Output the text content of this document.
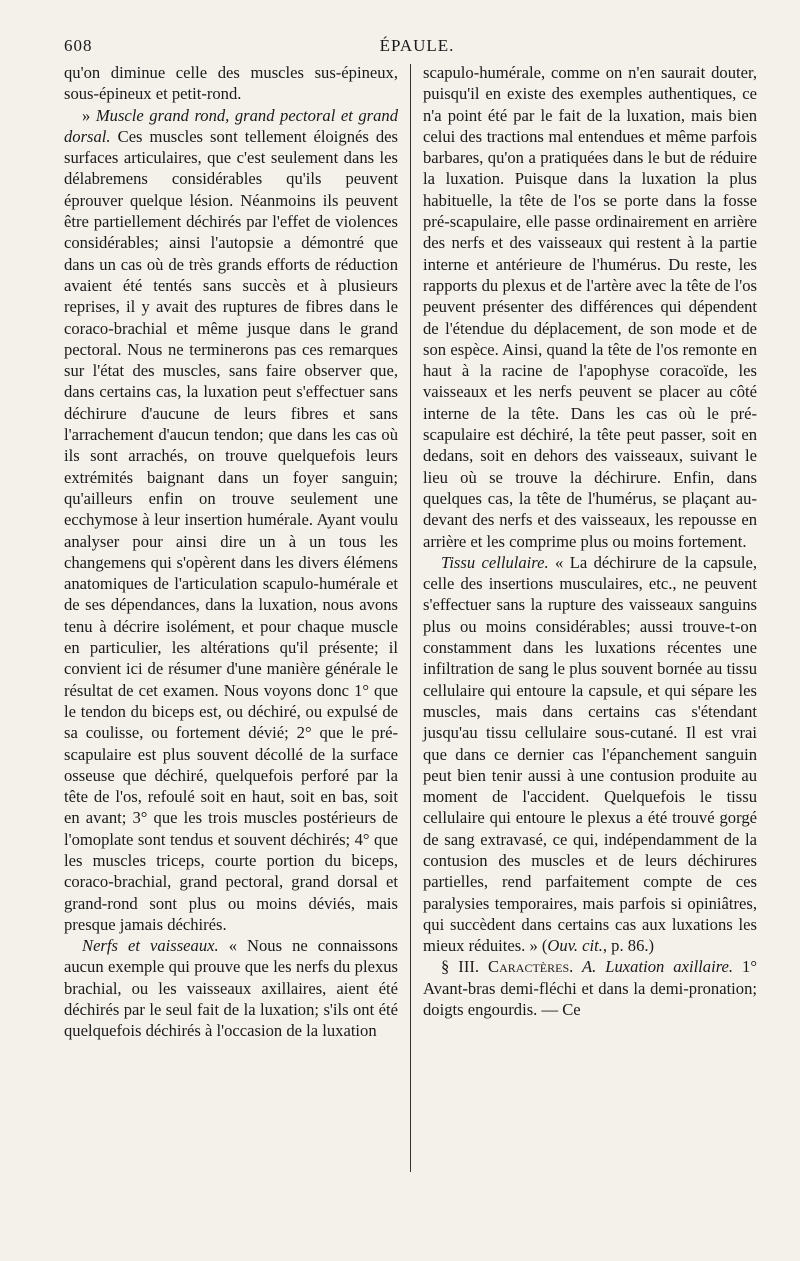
608	ÉPAULE.

qu'on diminue celle des muscles sus-épineux, sous-épineux et petit-rond.

» Muscle grand rond, grand pectoral et grand dorsal. Ces muscles sont tellement éloignés des surfaces articulaires, que c'est seulement dans les délabremens considérables qu'ils peuvent éprouver quelque lésion. Néanmoins ils peuvent être partiellement déchirés par l'effet de violences considérables; ainsi l'autopsie a démontré que dans un cas où de très grands efforts de réduction avaient été tentés sans succès et à plusieurs reprises, il y avait des ruptures de fibres dans le coraco-brachial et même jusque dans le grand pectoral. Nous ne terminerons pas ces remarques sur l'état des muscles, sans faire observer que, dans certains cas, la luxation peut s'effectuer sans déchirure d'aucune de leurs fibres et sans l'arrachement d'aucun tendon; que dans les cas où ils sont arrachés, on trouve quelquefois leurs extrémités baignant dans un foyer sanguin; qu'ailleurs enfin on trouve seulement une ecchymose à leur insertion humérale. Ayant voulu analyser pour ainsi dire un à un tous les changemens qui s'opèrent dans les divers élémens anatomiques de l'articulation scapulo-humérale et de ses dépendances, dans la luxation, nous avons tenu à décrire isolément, et pour chaque muscle en particulier, les altérations qu'il présente; il convient ici de résumer d'une manière générale le résultat de cet examen. Nous voyons donc 1° que le tendon du biceps est, ou déchiré, ou expulsé de sa coulisse, ou fortement dévié; 2° que le pré-scapulaire est plus souvent décollé de la surface osseuse que déchiré, quelquefois perforé par la tête de l'os, refoulé soit en haut, soit en bas, soit en avant; 3° que les trois muscles postérieurs de l'omoplate sont tendus et souvent déchirés; 4° que les muscles triceps, courte portion du biceps, coraco-brachial, grand pectoral, grand dorsal et grand-rond sont plus ou moins déviés, mais presque jamais déchirés.

Nerfs et vaisseaux. « Nous ne connaissons aucun exemple qui prouve que les nerfs du plexus brachial, ou les vaisseaux axillaires, aient été déchirés par le seul fait de la luxation; s'ils ont été quelquefois déchirés à l'occasion de la luxation

scapulo-humérale, comme on n'en saurait douter, puisqu'il en existe des exemples authentiques, ce n'a point été par le fait de la luxation, mais bien celui des tractions mal entendues et même parfois barbares, qu'on a pratiquées dans le but de réduire la luxation. Puisque dans la luxation la plus habituelle, la tête de l'os se porte dans la fosse pré-scapulaire, elle passe ordinairement en arrière des nerfs et des vaisseaux qui restent à la partie interne et antérieure de l'humérus. Du reste, les rapports du plexus et de l'artère avec la tête de l'os peuvent présenter des différences qui dépendent de l'étendue du déplacement, de son mode et de son espèce. Ainsi, quand la tête de l'os remonte en haut à la racine de l'apophyse coracoïde, les vaisseaux et les nerfs peuvent se placer au côté interne de la tête. Dans les cas où le pré-scapulaire est déchiré, la tête peut passer, soit en dedans, soit en dehors des vaisseaux, suivant le lieu où se trouve la déchirure. Enfin, dans quelques cas, la tête de l'humérus, se plaçant au-devant des nerfs et des vaisseaux, les repousse en arrière et les comprime plus ou moins fortement.

Tissu cellulaire. « La déchirure de la capsule, celle des insertions musculaires, etc., ne peuvent s'effectuer sans la rupture des vaisseaux sanguins plus ou moins considérables; aussi trouve-t-on constamment dans les luxations récentes une infiltration de sang le plus souvent bornée au tissu cellulaire qui entoure la capsule, et qui sépare les muscles, mais dans certains cas s'étendant jusqu'au tissu cellulaire sous-cutané. Il est vrai que dans ce dernier cas l'épanchement sanguin peut bien tenir aussi à une contusion produite au moment de l'accident. Quelquefois le tissu cellulaire qui entoure le plexus a été trouvé gorgé de sang extravasé, ce qui, indépendamment de la contusion des muscles et de leurs déchirures partielles, rend parfaitement compte de ces paralysies temporaires, mais parfois si opiniâtres, qui succèdent dans certains cas aux luxations les mieux réduites. » (Ouv. cit., p. 86.)

§ III. Caractères. A. Luxation axillaire. 1° Avant-bras demi-fléchi et dans la demi-pronation; doigts engourdis. — Ce
